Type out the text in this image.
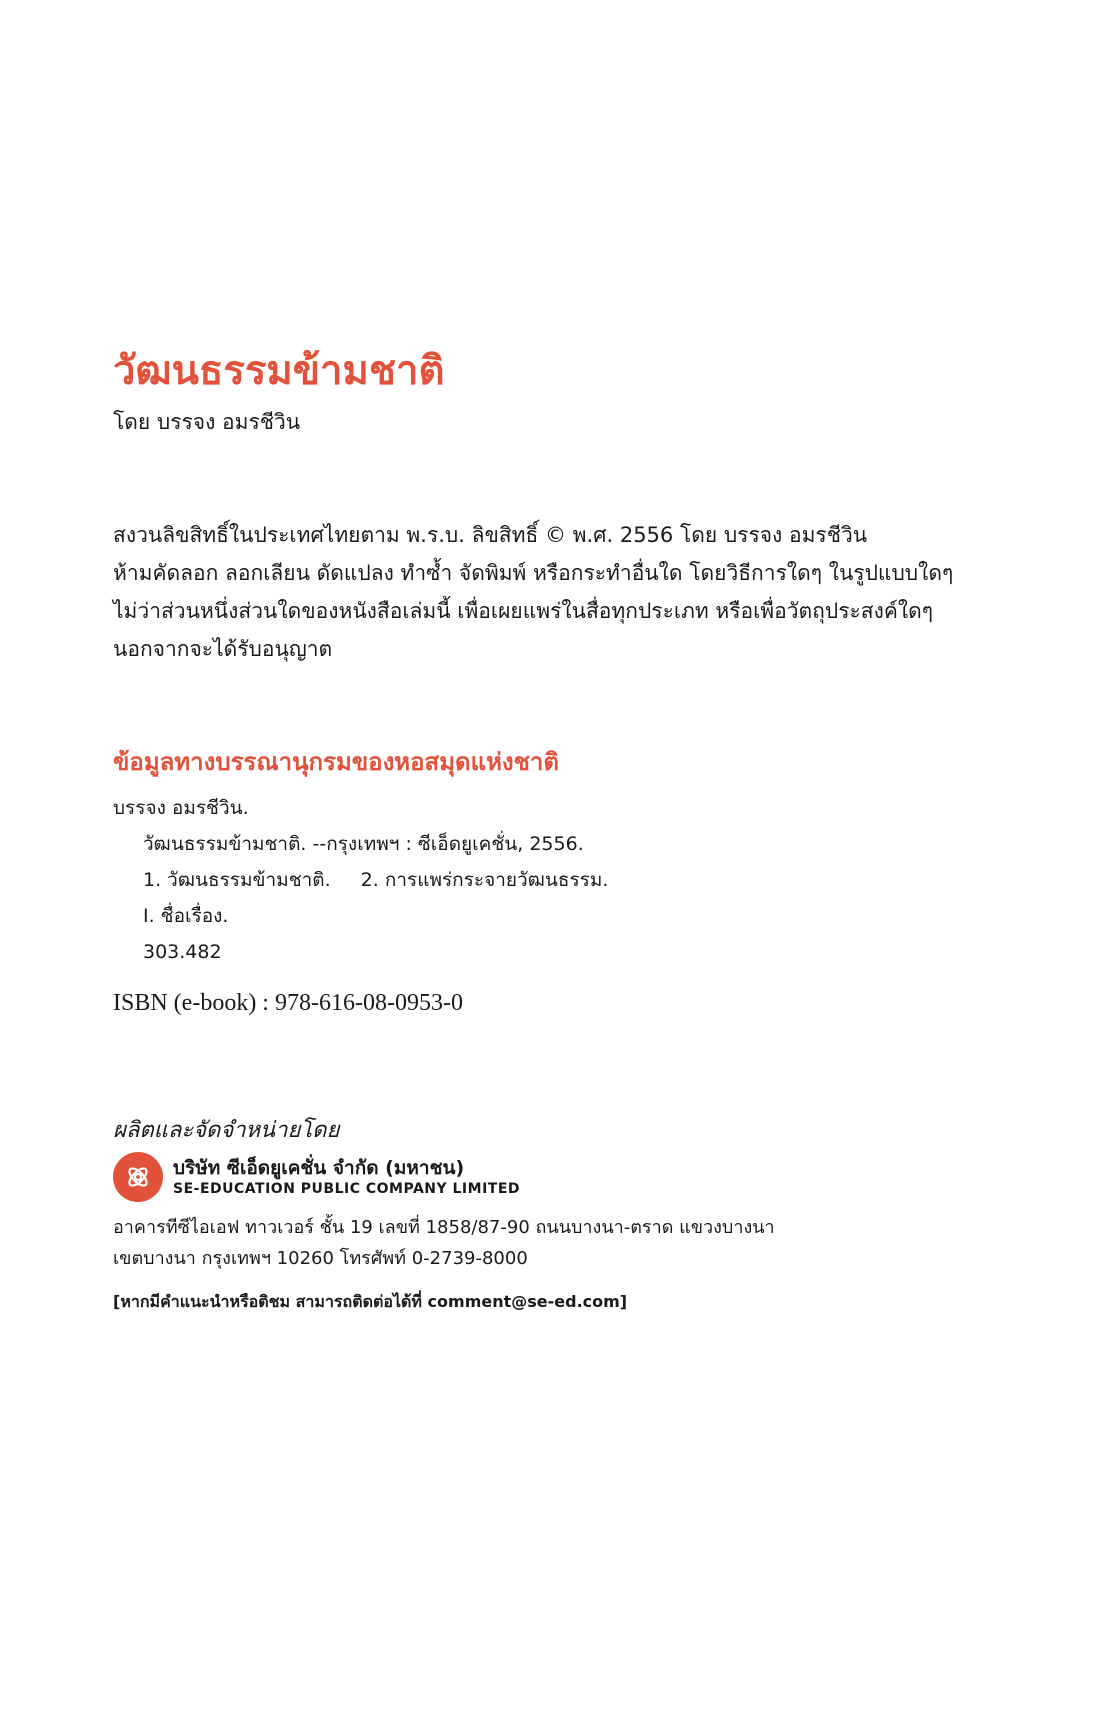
วัฒนธรรมข้ามชาติ
โดย บรรจง อมรชีวิน
สงวนลิขสิทธิ์ในประเทศไทยตาม พ.ร.บ. ลิขสิทธิ์ © พ.ศ. 2556 โดย บรรจง อมรชีวิน
ห้ามคัดลอก ลอกเลียน ดัดแปลง ทำซ้ำ จัดพิมพ์ หรือกระทำอื่นใด โดยวิธีการใดๆ ในรูปแบบใดๆ
ไม่ว่าส่วนหนึ่งส่วนใดของหนังสือเล่มนี้ เพื่อเผยแพร่ในสื่อทุกประเภท หรือเพื่อวัตถุประสงค์ใดๆ
นอกจากจะได้รับอนุญาต
ข้อมูลทางบรรณานุกรมของหอสมุดแห่งชาติ
บรรจง อมรชีวิน.
วัฒนธรรมข้ามชาติ. --กรุงเทพฯ : ซีเอ็ดยูเคชั่น, 2556.
1. วัฒนธรรมข้ามชาติ. 2. การแพร่กระจายวัฒนธรรม.
I. ชื่อเรื่อง.
303.482
ISBN (e-book) : 978-616-08-0953-0
ผลิตและจัดจำหน่ายโดย
บริษัท ซีเอ็ดยูเคชั่น จำกัด (มหาชน)
SE-EDUCATION PUBLIC COMPANY LIMITED
อาคารทีซีไอเอฟ ทาวเวอร์ ชั้น 19 เลขที่ 1858/87-90 ถนนบางนา-ตราด แขวงบางนา
เขตบางนา กรุงเทพฯ 10260 โทรศัพท์ 0-2739-8000
[หากมีคำแนะนำหรือติชม สามารถติดต่อได้ที่ comment@se-ed.com]
